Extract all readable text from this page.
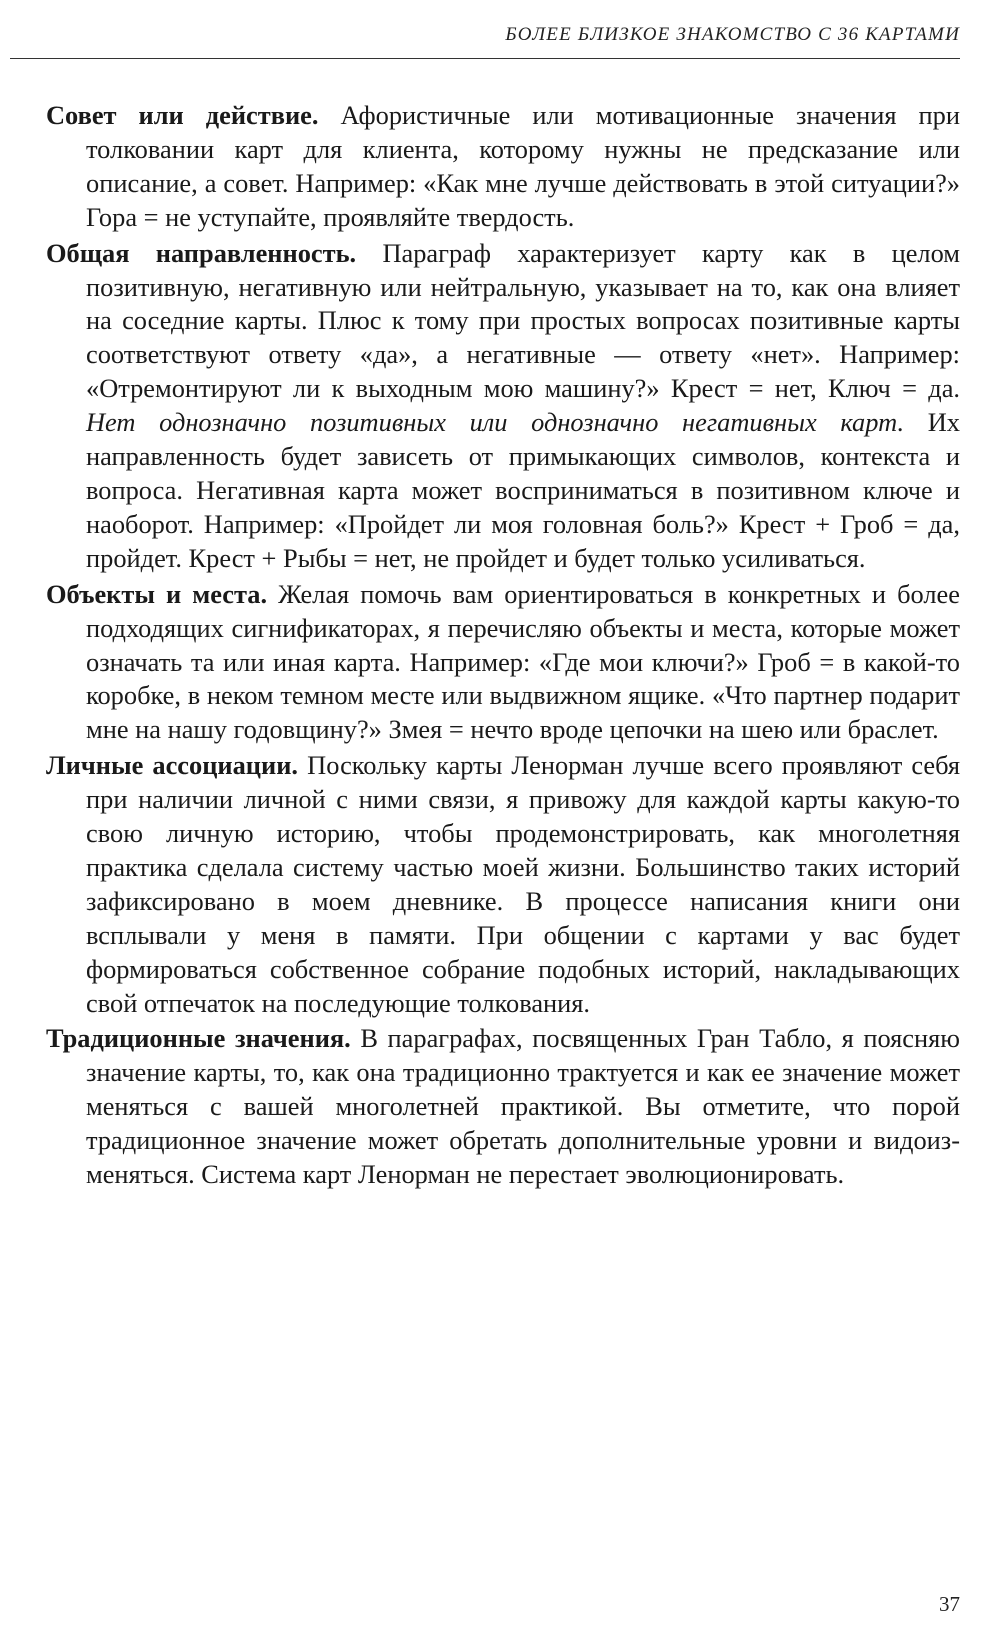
БОЛЕЕ БЛИЗКОЕ ЗНАКОМСТВО С 36 КАРТАМИ

Совет или действие. Афористичные или мотивационные значения при толковании карт для клиента, которому нужны не предсказание или описание, а совет. Например: «Как мне лучше действовать в этой ситуации?» Гора = не уступайте, проявляйте твердость.

Общая направленность. Параграф характеризует карту как в целом позитивную, негативную или нейтральную, указывает на то, как она влияет на соседние карты. Плюс к тому при простых вопросах позитивные карты соответствуют ответу «да», а негативные — ответу «нет». Например: «Отремонтируют ли к выходным мою машину?» Крест = нет, Ключ = да. Нет однозначно позитивных или однозначно негативных карт. Их направленность будет зависеть от примыкающих символов, контекста и вопроса. Негативная карта может восприниматься в позитивном ключе и наоборот. Например: «Пройдет ли моя головная боль?» Крест + Гроб = да, пройдет. Крест + Рыбы = нет, не пройдет и будет только усиливаться.

Объекты и места. Желая помочь вам ориентироваться в конкретных и более подходящих сигнификаторах, я перечисляю объекты и места, которые может означать та или иная карта. Например: «Где мои ключи?» Гроб = в какой-то коробке, в неком темном месте или выдвижном ящике. «Что партнер подарит мне на нашу годовщину?» Змея = нечто вроде цепочки на шею или браслет.

Личные ассоциации. Поскольку карты Ленорман лучше всего проявляют себя при наличии личной с ними связи, я привожу для каждой карты какую-то свою личную историю, чтобы продемонстрировать, как многолетняя практика сделала систему частью моей жизни. Большинство таких историй зафиксировано в моем дневнике. В процессе написания книги они всплывали у меня в памяти. При общении с картами у вас будет формироваться собственное собрание подобных историй, накладывающих свой отпечаток на последующие толкования.

Традиционные значения. В параграфах, посвященных Гран Табло, я поясняю значение карты, то, как она традиционно трактуется и как ее значение может меняться с вашей многолетней практикой. Вы отметите, что порой традиционное значение может обретать дополнительные уровни и видоизменяться. Система карт Ленорман не перестает эволюционировать.

37
